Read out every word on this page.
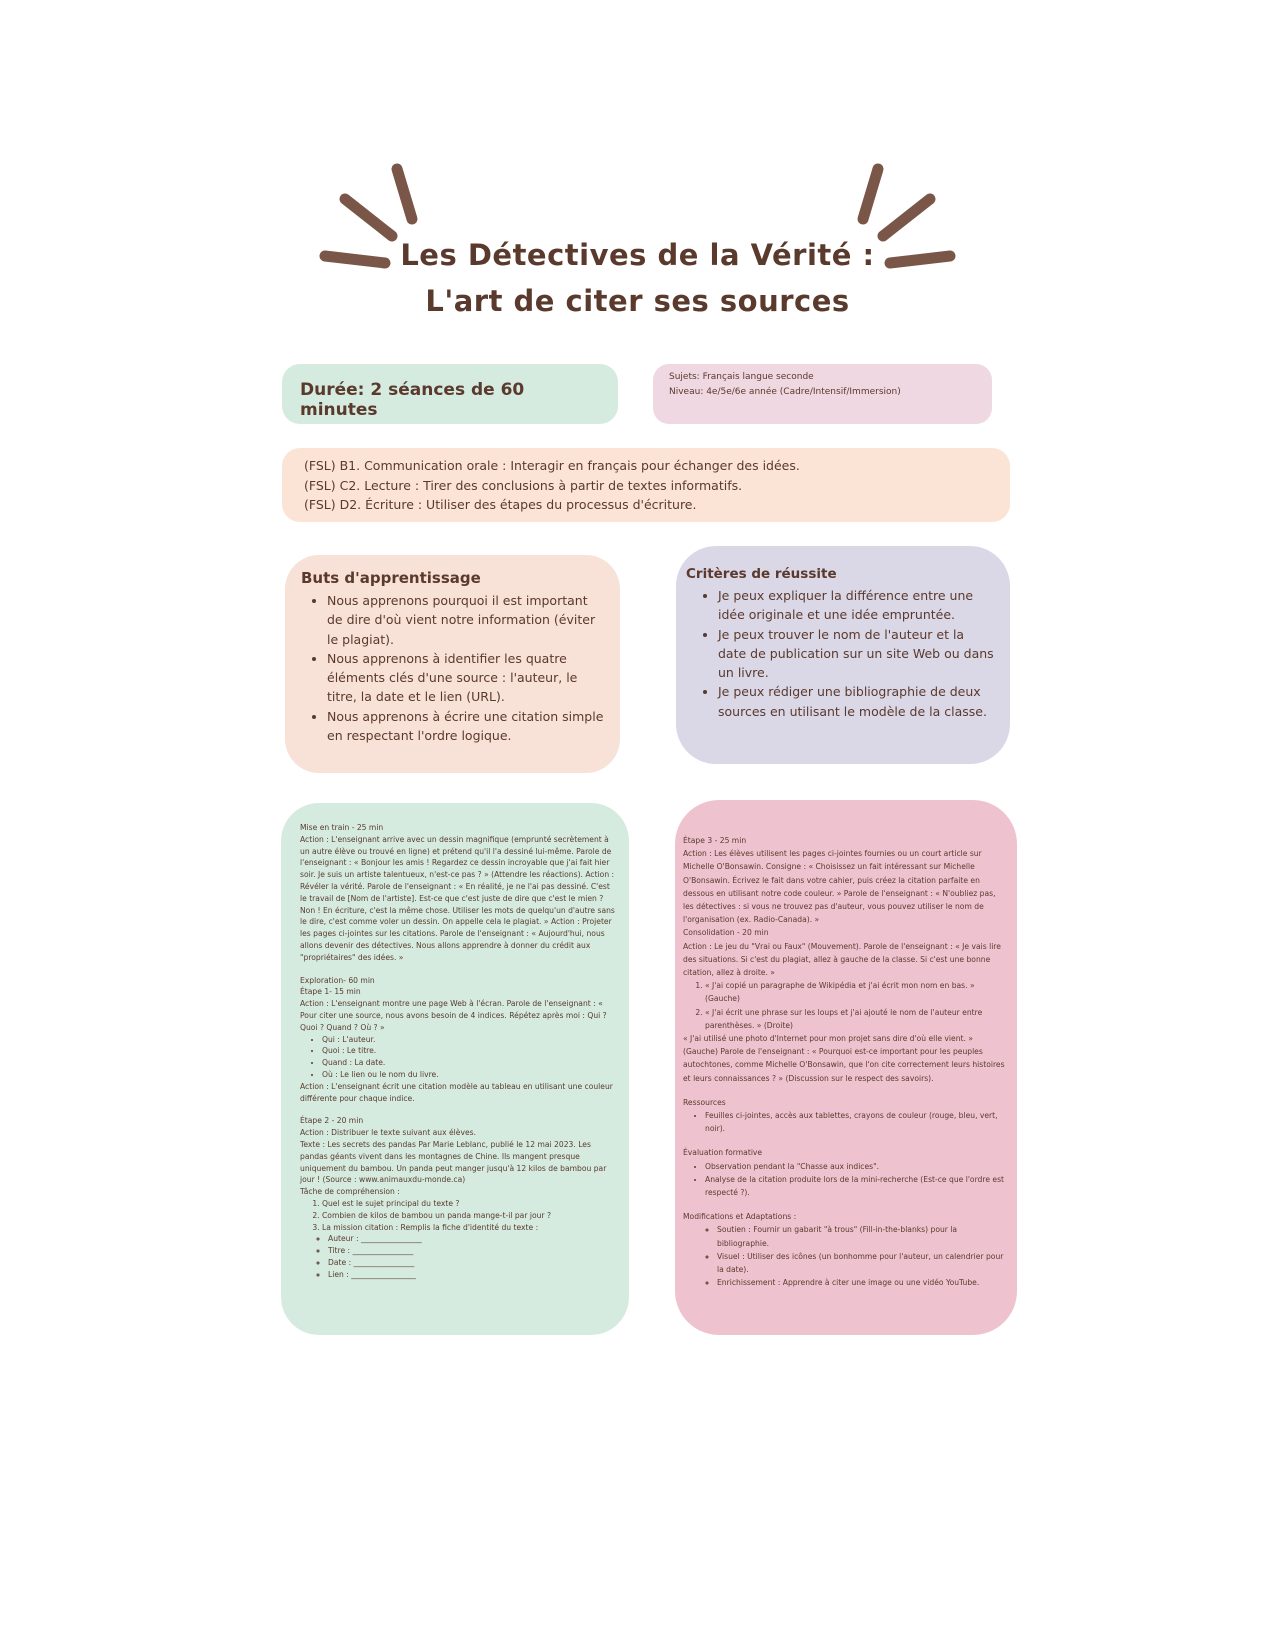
Les Détectives de la Vérité :
L'art de citer ses sources
Durée: 2 séances de 60 minutes
Sujets: Français langue seconde
Niveau: 4e/5e/6e année (Cadre/Intensif/Immersion)
(FSL) B1. Communication orale : Interagir en français pour échanger des idées.
(FSL) C2. Lecture : Tirer des conclusions à partir de textes informatifs.
(FSL) D2. Écriture : Utiliser des étapes du processus d'écriture.
Buts d'apprentissage
• Nous apprenons pourquoi il est important de dire d'où vient notre information (éviter le plagiat).
• Nous apprenons à identifier les quatre éléments clés d'une source : l'auteur, le titre, la date et le lien (URL).
• Nous apprenons à écrire une citation simple en respectant l'ordre logique.
Critères de réussite
• Je peux expliquer la différence entre une idée originale et une idée empruntée.
• Je peux trouver le nom de l'auteur et la date de publication sur un site Web ou dans un livre.
• Je peux rédiger une bibliographie de deux sources en utilisant le modèle de la classe.

Mise en train - 25 min

Action : L'enseignant arrive avec un dessin magnifique (emprunté secrètement à un autre élève ou trouvé en ligne) et prétend qu'il l'a dessiné lui-même. Parole de l'enseignant : « Bonjour les amis ! Regardez ce dessin incroyable que j'ai fait hier soir. Je suis un artiste talentueux, n'est-ce pas ? » (Attendre les réactions). Action : Révéler la vérité. Parole de l'enseignant : « En réalité, je ne l'ai pas dessiné. C'est le travail de [Nom de l'artiste]. Est-ce que c'est juste de dire que c'est le mien ? Non ! En écriture, c'est la même chose. Utiliser les mots de quelqu'un d'autre sans le dire, c'est comme voler un dessin. On appelle cela le plagiat. » Action : Projeter les pages ci-jointes sur les citations. Parole de l'enseignant : « Aujourd'hui, nous allons devenir des détectives. Nous allons apprendre à donner du crédit aux "propriétaires" des idées. »

Exploration- 60 min

Étape 1- 15 min

Action : L'enseignant montre une page Web à l'écran. Parole de l'enseignant : « Pour citer une source, nous avons besoin de 4 indices. Répétez après moi : Qui ? Quoi ? Quand ? Où ? »

• Qui : L'auteur.
• Quoi : Le titre.
• Quand : La date.
• Où : Le lien ou le nom du livre.

Action : L'enseignant écrit une citation modèle au tableau en utilisant une couleur différente pour chaque indice.

Étape 2 - 20 min

Action : Distribuer le texte suivant aux élèves.

Texte : Les secrets des pandas Par Marie Leblanc, publié le 12 mai 2023. Les pandas géants vivent dans les montagnes de Chine. Ils mangent presque uniquement du bambou. Un panda peut manger jusqu'à 12 kilos de bambou par jour ! (Source : www.animauxdu-monde.ca)

Tâche de compréhension :

1. Quel est le sujet principal du texte ?
2. Combien de kilos de bambou un panda mange-t-il par jour ?
3. La mission citation : Remplis la fiche d'identité du texte :
◦ Auteur : ________________
◦ Titre : ________________
◦ Date : ________________
◦ Lien : _________________

Étape 3 - 25 min

Action : Les élèves utilisent les pages ci-jointes fournies ou un court article sur Michelle O'Bonsawin. Consigne : « Choisissez un fait intéressant sur Michelle O'Bonsawin. Écrivez le fait dans votre cahier, puis créez la citation parfaite en dessous en utilisant notre code couleur. » Parole de l'enseignant : « N'oubliez pas, les détectives : si vous ne trouvez pas d'auteur, vous pouvez utiliser le nom de l'organisation (ex. Radio-Canada). »

Consolidation - 20 min

Action : Le jeu du "Vrai ou Faux" (Mouvement). Parole de l'enseignant : « Je vais lire des situations. Si c'est du plagiat, allez à gauche de la classe. Si c'est une bonne citation, allez à droite. »

1. « J'ai copié un paragraphe de Wikipédia et j'ai écrit mon nom en bas. » (Gauche)
2. « J'ai écrit une phrase sur les loups et j'ai ajouté le nom de l'auteur entre parenthèses. » (Droite)

« J'ai utilisé une photo d'Internet pour mon projet sans dire d'où elle vient. » (Gauche) Parole de l'enseignant : « Pourquoi est-ce important pour les peuples autochtones, comme Michelle O'Bonsawin, que l'on cite correctement leurs histoires et leurs connaissances ? » (Discussion sur le respect des savoirs).

Ressources

• Feuilles ci-jointes, accès aux tablettes, crayons de couleur (rouge, bleu, vert, noir).

Évaluation formative

• Observation pendant la "Chasse aux indices".
• Analyse de la citation produite lors de la mini-recherche (Est-ce que l'ordre est respecté ?).

Modifications et Adaptations :

◦ Soutien : Fournir un gabarit "à trous" (Fill-in-the-blanks) pour la bibliographie.
◦ Visuel : Utiliser des icônes (un bonhomme pour l'auteur, un calendrier pour la date).
◦ Enrichissement : Apprendre à citer une image ou une vidéo YouTube.
